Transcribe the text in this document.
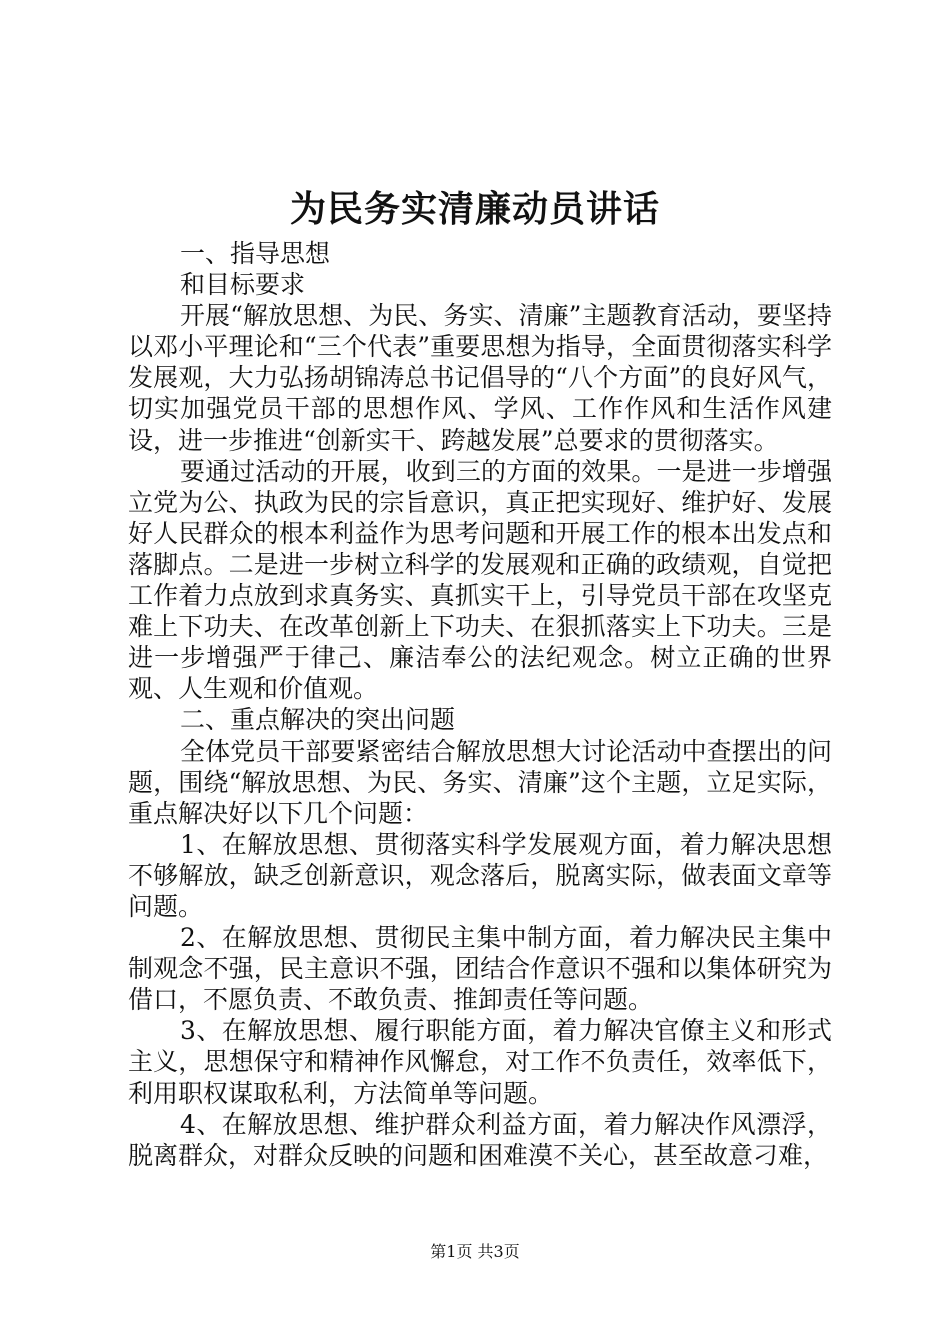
为民务实清廉动员讲话

一、指导思想

和目标要求

开展“解放思想、为民、务实、清廉”主题教育活动，要坚持以邓小平理论和“三个代表”重要思想为指导，全面贯彻落实科学发展观，大力弘扬胡锦涛总书记倡导的“八个方面”的良好风气，切实加强党员干部的思想作风、学风、工作作风和生活作风建设，进一步推进“创新实干、跨越发展”总要求的贯彻落实。

要通过活动的开展，收到三的方面的效果。一是进一步增强立党为公、执政为民的宗旨意识，真正把实现好、维护好、发展好人民群众的根本利益作为思考问题和开展工作的根本出发点和落脚点。二是进一步树立科学的发展观和正确的政绩观，自觉把工作着力点放到求真务实、真抓实干上，引导党员干部在攻坚克难上下功夫、在改革创新上下功夫、在狠抓落实上下功夫。三是进一步增强严于律己、廉洁奉公的法纪观念。树立正确的世界观、人生观和价值观。

二、重点解决的突出问题

全体党员干部要紧密结合解放思想大讨论活动中查摆出的问题，围绕“解放思想、为民、务实、清廉”这个主题，立足实际，重点解决好以下几个问题：

1、在解放思想、贯彻落实科学发展观方面，着力解决思想不够解放，缺乏创新意识，观念落后，脱离实际，做表面文章等问题。

2、在解放思想、贯彻民主集中制方面，着力解决民主集中制观念不强，民主意识不强，团结合作意识不强和以集体研究为借口，不愿负责、不敢负责、推卸责任等问题。

3、在解放思想、履行职能方面，着力解决官僚主义和形式主义，思想保守和精神作风懈怠，对工作不负责任，效率低下，利用职权谋取私利，方法简单等问题。

4、在解放思想、维护群众利益方面，着力解决作风漂浮，脱离群众，对群众反映的问题和困难漠不关心，甚至故意刁难，

第1页 共3页
